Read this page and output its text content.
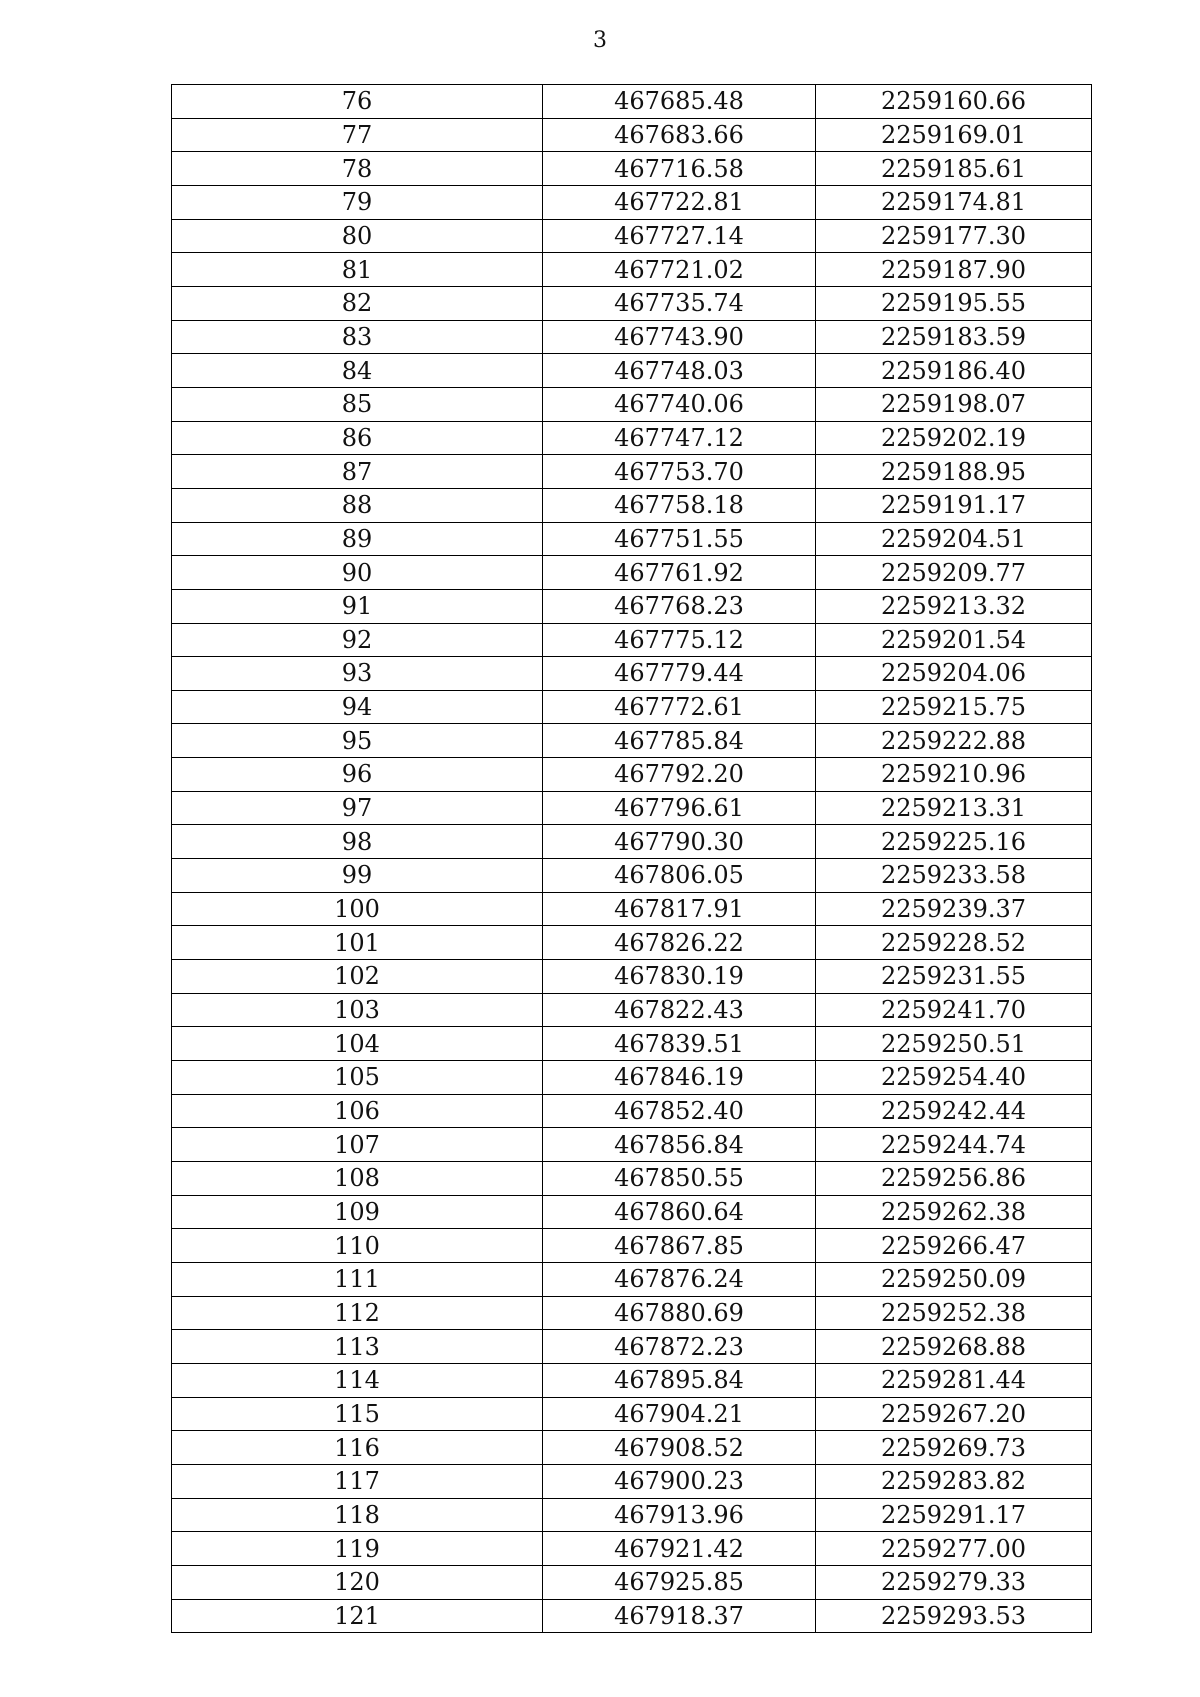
3
76	467685.48	2259160.66
77	467683.66	2259169.01
78	467716.58	2259185.61
79	467722.81	2259174.81
80	467727.14	2259177.30
81	467721.02	2259187.90
82	467735.74	2259195.55
83	467743.90	2259183.59
84	467748.03	2259186.40
85	467740.06	2259198.07
86	467747.12	2259202.19
87	467753.70	2259188.95
88	467758.18	2259191.17
89	467751.55	2259204.51
90	467761.92	2259209.77
91	467768.23	2259213.32
92	467775.12	2259201.54
93	467779.44	2259204.06
94	467772.61	2259215.75
95	467785.84	2259222.88
96	467792.20	2259210.96
97	467796.61	2259213.31
98	467790.30	2259225.16
99	467806.05	2259233.58
100	467817.91	2259239.37
101	467826.22	2259228.52
102	467830.19	2259231.55
103	467822.43	2259241.70
104	467839.51	2259250.51
105	467846.19	2259254.40
106	467852.40	2259242.44
107	467856.84	2259244.74
108	467850.55	2259256.86
109	467860.64	2259262.38
110	467867.85	2259266.47
111	467876.24	2259250.09
112	467880.69	2259252.38
113	467872.23	2259268.88
114	467895.84	2259281.44
115	467904.21	2259267.20
116	467908.52	2259269.73
117	467900.23	2259283.82
118	467913.96	2259291.17
119	467921.42	2259277.00
120	467925.85	2259279.33
121	467918.37	2259293.53
